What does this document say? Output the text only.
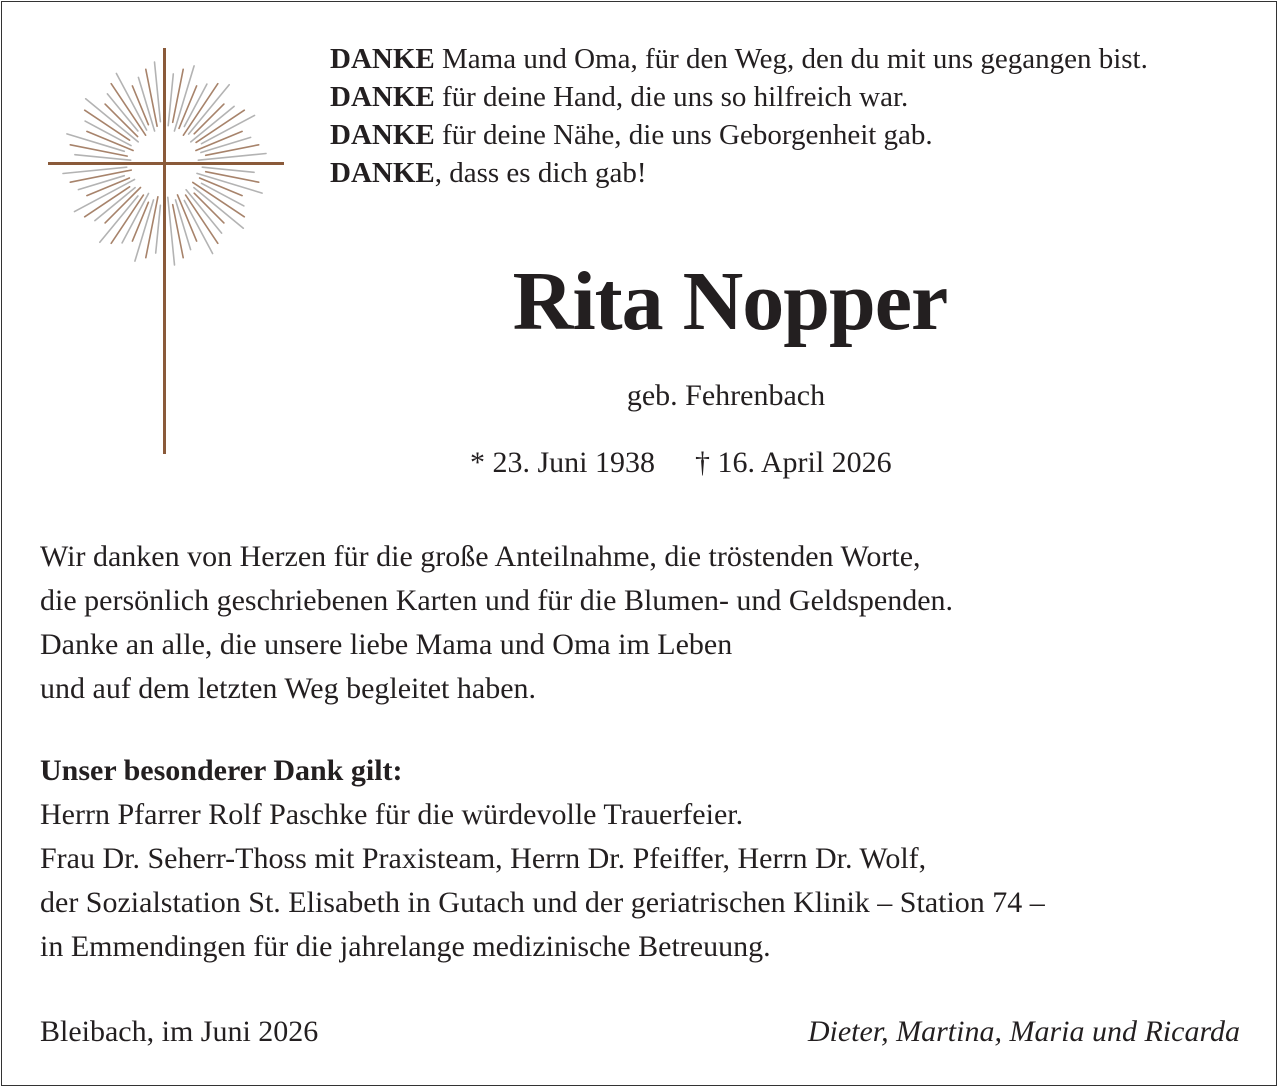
DANKE Mama und Oma, für den Weg, den du mit uns gegangen bist.

DANKE für deine Hand, die uns so hilfreich war.

DANKE für deine Nähe, die uns Geborgenheit gab.

DANKE, dass es dich gab!

Rita Nopper

geb. Fehrenbach

* 23. Juni 1938 † 16. April 2026

Wir danken von Herzen für die große Anteilnahme, die tröstenden Worte,

die persönlich geschriebenen Karten und für die Blumen- und Geldspenden.

Danke an alle, die unsere liebe Mama und Oma im Leben

und auf dem letzten Weg begleitet haben.

Unser besonderer Dank gilt:

Herrn Pfarrer Rolf Paschke für die würdevolle Trauerfeier.

Frau Dr. Seherr-Thoss mit Praxisteam, Herrn Dr. Pfeiffer, Herrn Dr. Wolf,

der Sozialstation St. Elisabeth in Gutach und der geriatrischen Klinik – Station 74 –

in Emmendingen für die jahrelange medizinische Betreuung.

Bleibach, im Juni 2026	Dieter, Martina, Maria und Ricarda
